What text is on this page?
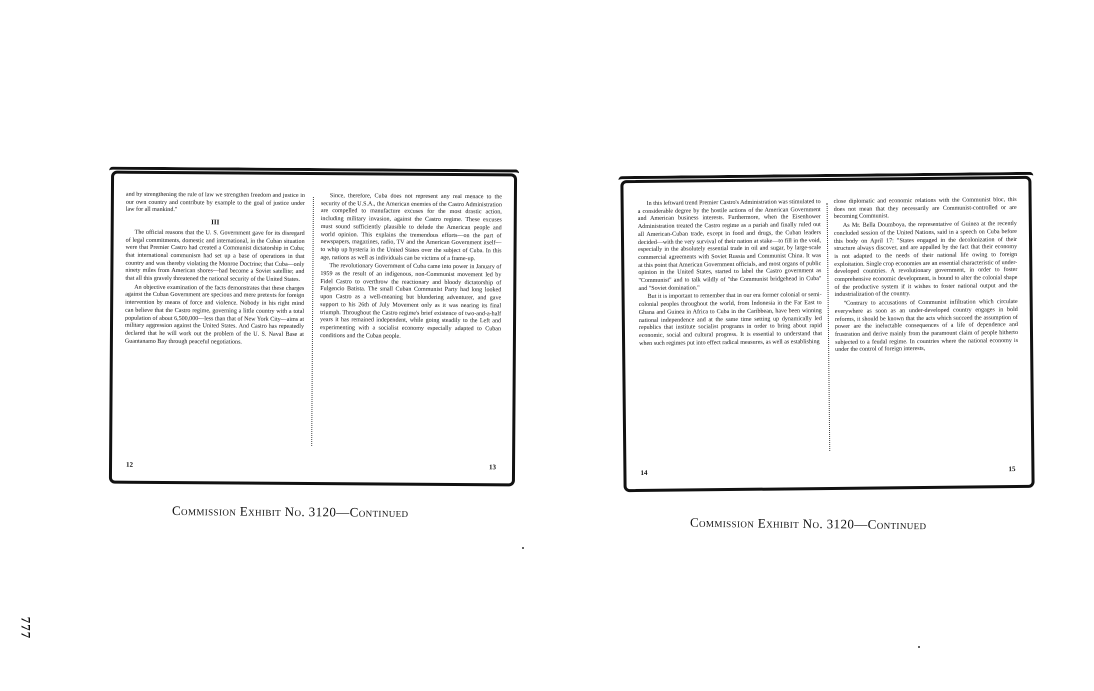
and by strengthening the rule of law we strengthen freedom and justice in our own country and contribute by example to the goal of justice under law for all mankind."

III

The official reasons that the U. S. Government gave for its disregard of legal commitments, domestic and international, in the Cuban situation were that Premier Castro had created a Communist dictatorship in Cuba; that international communism had set up a base of operations in that country and was thereby violating the Monroe Doctrine; that Cuba—only ninety miles from American shores—had become a Soviet satellite; and that all this gravely threatened the national security of the United States.

An objective examination of the facts demonstrates that these charges against the Cuban Government are specious and mere pretexts for foreign intervention by means of force and violence. Nobody in his right mind can believe that the Castro regime, governing a little country with a total population of about 6,500,000—less than that of New York City—aims at military aggression against the United States. And Castro has repeatedly declared that he will work out the problem of the U. S. Naval Base at Guantanamo Bay through peaceful negotiations.

Since, therefore, Cuba does not represent any real menace to the security of the U.S.A., the American enemies of the Castro Administration are compelled to manufacture excuses for the most drastic action, including military invasion, against the Castro regime. These excuses must sound sufficiently plausible to delude the American people and world opinion. This explains the tremendous efforts—on the part of newspapers, magazines, radio, TV and the American Government itself—to whip up hysteria in the United States over the subject of Cuba. In this age, nations as well as individuals can be victims of a frame-up.

The revolutionary Government of Cuba came into power in January of 1959 as the result of an indigenous, non-Communist movement led by Fidel Castro to overthrow the reactionary and bloody dictatorship of Fulgencio Batista. The small Cuban Communist Party had long looked upon Castro as a well-meaning but blundering adventurer, and gave support to his 26th of July Movement only as it was nearing its final triumph. Throughout the Castro regime's brief existence of two-and-a-half years it has remained independent, while going steadily to the Left and experimenting with a socialist economy especially adapted to Cuban conditions and the Cuban people.

12	13

In this leftward trend Premier Castro's Administration was stimulated to a considerable degree by the hostile actions of the American Government and American business interests. Furthermore, when the Eisenhower Administration treated the Castro regime as a pariah and finally ruled out all American-Cuban trade, except in food and drugs, the Cuban leaders decided—with the very survival of their nation at stake—to fill in the void, especially in the absolutely essential trade in oil and sugar, by large-scale commercial agreements with Soviet Russia and Communist China. It was at this point that American Government officials, and most organs of public opinion in the United States, started to label the Castro government as "Communist" and to talk wildly of "the Communist bridgehead in Cuba" and "Soviet domination."

But it is important to remember that in our era former colonial or semi-colonial peoples throughout the world, from Indonesia in the Far East to Ghana and Guinea in Africa to Cuba in the Caribbean, have been winning national independence and at the same time setting up dynamically led republics that institute socialist programs in order to bring about rapid economic, social and cultural progress. It is essential to understand that when such regimes put into effect radical measures, as well as establishing

close diplomatic and economic relations with the Communist bloc, this does not mean that they necessarily are Communist-controlled or are becoming Communist.

As Mr. Bella Doumboya, the representative of Guinea at the recently concluded session of the United Nations, said in a speech on Cuba before this body on April 17: "States engaged in the decolonization of their structure always discover, and are appalled by the fact that their economy is not adapted to the needs of their national life owing to foreign exploitation. Single crop economies are an essential characteristic of under-developed countries. A revolutionary government, in order to foster comprehensive economic development, is bound to alter the colonial shape of the productive system if it wishes to foster national output and the industrialization of the country.

"Contrary to accusations of Communist infiltration which circulate everywhere as soon as an under-developed country engages in bold reforms, it should be known that the acts which succeed the assumption of power are the ineluctable consequences of a life of dependence and frustration and derive mainly from the paramount claim of people hitherto subjected to a feudal regime. In countries where the national economy is under the control of foreign interests,

14	15
Commission Exhibit No. 3120—Continued
Commission Exhibit No. 3120—Continued
777
